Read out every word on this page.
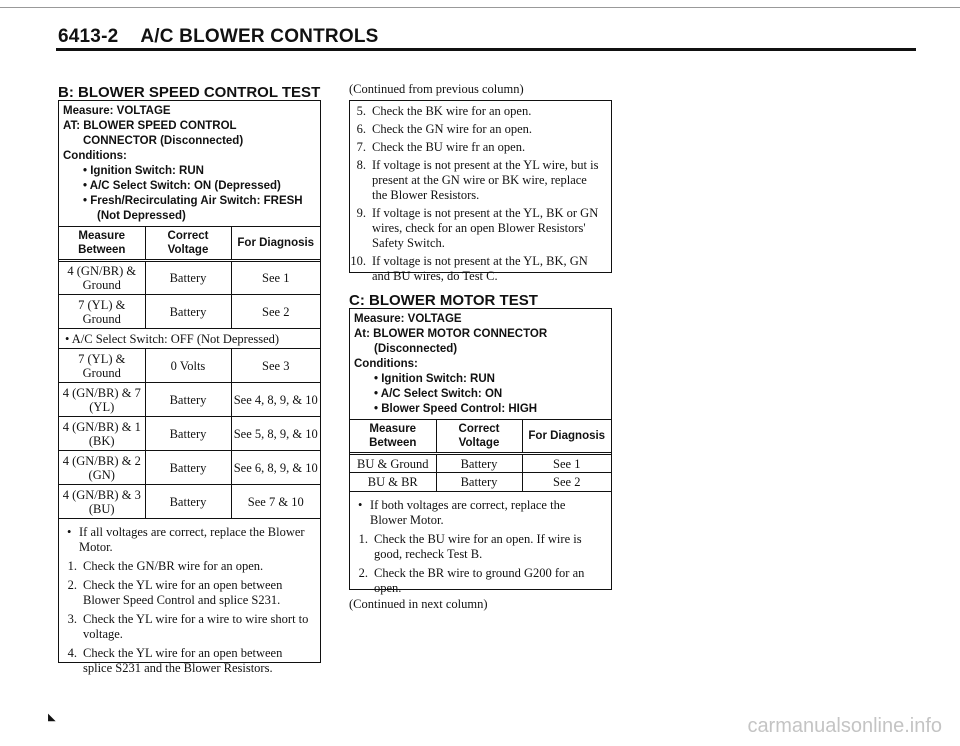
6413-2 A/C BLOWER CONTROLS
B: BLOWER SPEED CONTROL TEST
Measure: VOLTAGE
AT: BLOWER SPEED CONTROL
CONNECTOR (Disconnected)
Conditions:
• Ignition Switch: RUN
• A/C Select Switch: ON (Depressed)
• Fresh/Recirculating Air Switch: FRESH
(Not Depressed)
Measure Between	Correct Voltage	For Diagnosis
4 (GN/BR) & Ground	Battery	See 1
7 (YL) & Ground	Battery	See 2
• A/C Select Switch: OFF (Not Depressed)		
7 (YL) & Ground	0 Volts	See 3
4 (GN/BR) & 7 (YL)	Battery	See 4, 8, 9, & 10
4 (GN/BR) & 1 (BK)	Battery	See 5, 8, 9, & 10
4 (GN/BR) & 2 (GN)	Battery	See 6, 8, 9, & 10
4 (GN/BR) & 3 (BU)	Battery	See 7 & 10
• If all voltages are correct, replace the Blower Motor.
1. Check the GN/BR wire for an open.
2. Check the YL wire for an open between Blower Speed Control and splice S231.
3. Check the YL wire for a wire to wire short to voltage.
4. Check the YL wire for an open between splice S231 and the Blower Resistors.
(Continued from previous column)
5. Check the BK wire for an open.
6. Check the GN wire for an open.
7. Check the BU wire fr an open.
8. If voltage is not present at the YL wire, but is present at the GN wire or BK wire, replace the Blower Resistors.
9. If voltage is not present at the YL, BK or GN wires, check for an open Blower Resistors' Safety Switch.
10. If voltage is not present at the YL, BK, GN and BU wires, do Test C.
C: BLOWER MOTOR TEST
Measure: VOLTAGE
At: BLOWER MOTOR CONNECTOR
(Disconnected)
Conditions:
• Ignition Switch: RUN
• A/C Select Switch: ON
• Blower Speed Control: HIGH
Measure Between	Correct Voltage	For Diagnosis
BU & Ground	Battery	See 1
BU & BR	Battery	See 2
• If both voltages are correct, replace the Blower Motor.
1. Check the BU wire for an open. If wire is good, recheck Test B.
2. Check the BR wire to ground G200 for an open.
(Continued in next column)
◣	carmanualsonline.info
